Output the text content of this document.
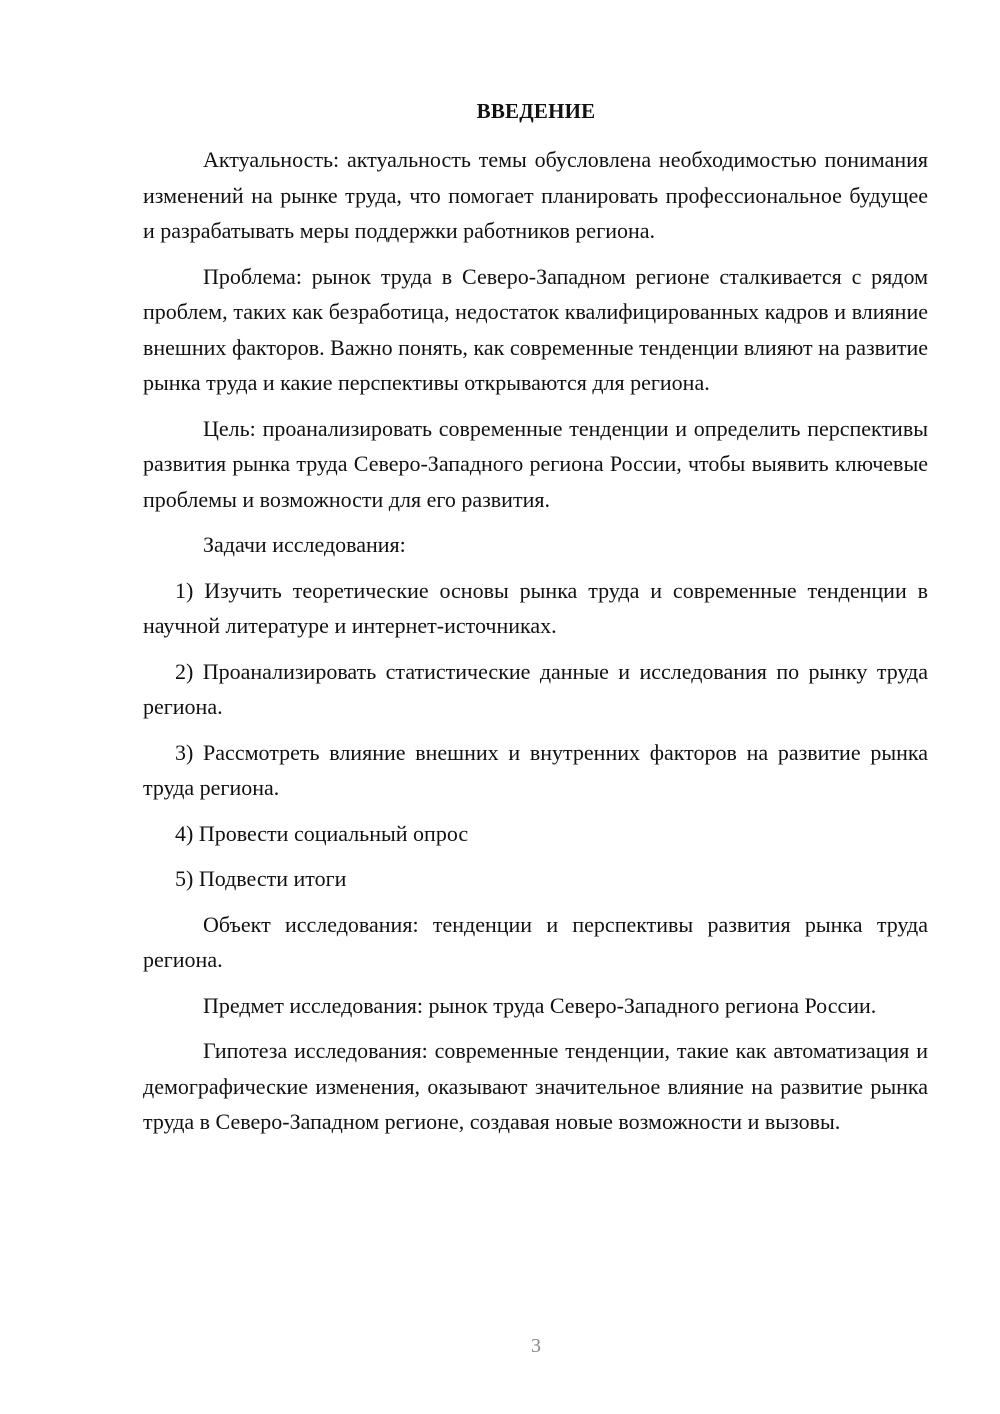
ВВЕДЕНИЕ

Актуальность: актуальность темы обусловлена необходимостью понимания изменений на рынке труда, что помогает планировать профессиональное будущее и разрабатывать меры поддержки работников региона.

Проблема: рынок труда в Северо-Западном регионе сталкивается с рядом проблем, таких как безработица, недостаток квалифицированных кадров и влияние внешних факторов. Важно понять, как современные тенденции влияют на развитие рынка труда и какие перспективы открываются для региона.

Цель: проанализировать современные тенденции и определить перспективы развития рынка труда Северо-Западного региона России, чтобы выявить ключевые проблемы и возможности для его развития.

Задачи исследования:

1) Изучить теоретические основы рынка труда и современные тенденции в научной литературе и интернет-источниках.

2) Проанализировать статистические данные и исследования по рынку труда региона.

3) Рассмотреть влияние внешних и внутренних факторов на развитие рынка труда региона.

4) Провести социальный опрос

5) Подвести итоги

Объект исследования: тенденции и перспективы развития рынка труда региона.

Предмет исследования: рынок труда Северо-Западного региона России.

Гипотеза исследования: современные тенденции, такие как автоматизация и демографические изменения, оказывают значительное влияние на развитие рынка труда в Северо-Западном регионе, создавая новые возможности и вызовы.

3
